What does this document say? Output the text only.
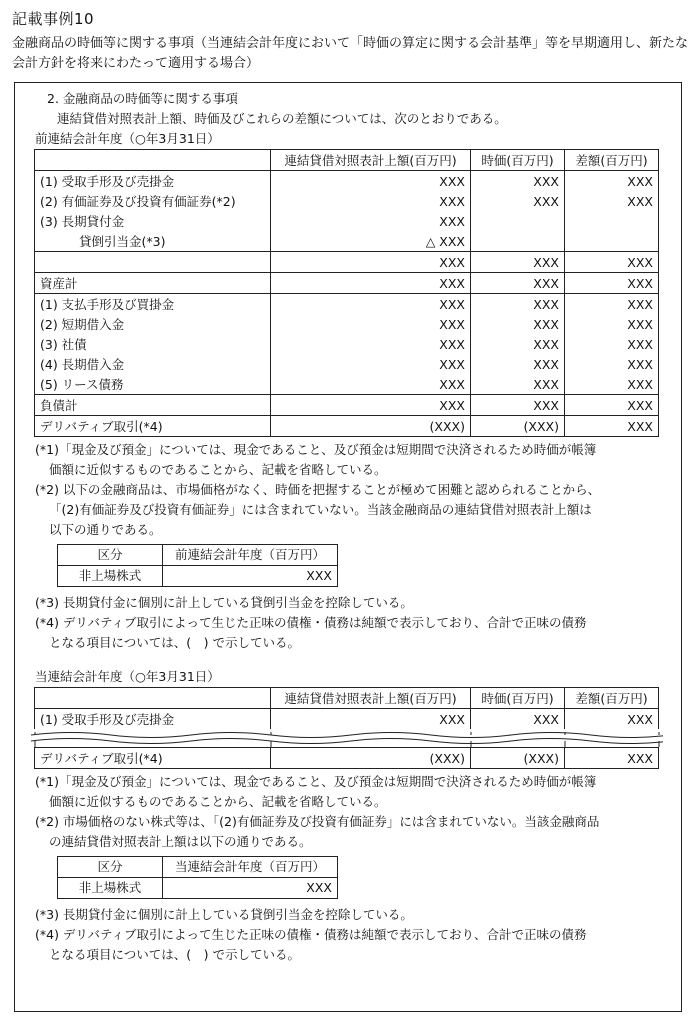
記載事例10
金融商品の時価等に関する事項（当連結会計年度において「時価の算定に関する会計基準」等を早期適用し、新たな会計方針を将来にわたって適用する場合）
2. 金融商品の時価等に関する事項
連結貸借対照表計上額、時価及びこれらの差額については、次のとおりである。
前連結会計年度（○年3月31日）
	連結貸借対照表計上額(百万円)	時価(百万円)	差額(百万円)
(1) 受取手形及び売掛金	XXX	XXX	XXX
(2) 有価証券及び投資有価証券(*2)	XXX	XXX	XXX
(3) 長期貸付金	XXX		
貸倒引当金(*3)	△ XXX		
	XXX	XXX	XXX
資産計	XXX	XXX	XXX
(1) 支払手形及び買掛金	XXX	XXX	XXX
(2) 短期借入金	XXX	XXX	XXX
(3) 社債	XXX	XXX	XXX
(4) 長期借入金	XXX	XXX	XXX
(5) リース債務	XXX	XXX	XXX
負債計	XXX	XXX	XXX
デリバティブ取引(*4)	(XXX)	(XXX)	XXX
(*1)「現金及び預金」については、現金であること、及び預金は短期間で決済されるため時価が帳簿
価額に近似するものであることから、記載を省略している。
(*2) 以下の金融商品は、市場価格がなく、時価を把握することが極めて困難と認められることから、
「(2)有価証券及び投資有価証券」には含まれていない。当該金融商品の連結貸借対照表計上額は
以下の通りである。
区分	前連結会計年度（百万円）
非上場株式	XXX
(*3) 長期貸付金に個別に計上している貸倒引当金を控除している。
(*4) デリバティブ取引によって生じた正味の債権・債務は純額で表示しており、合計で正味の債務
となる項目については、(　) で示している。
当連結会計年度（○年3月31日）
	連結貸借対照表計上額(百万円)	時価(百万円)	差額(百万円)
(1) 受取手形及び売掛金	XXX	XXX	XXX
デリバティブ取引(*4)	(XXX)	(XXX)	XXX
(*1)「現金及び預金」については、現金であること、及び預金は短期間で決済されるため時価が帳簿
価額に近似するものであることから、記載を省略している。
(*2) 市場価格のない株式等は、「(2)有価証券及び投資有価証券」には含まれていない。当該金融商品
の連結貸借対照表計上額は以下の通りである。
区分	当連結会計年度（百万円）
非上場株式	XXX
(*3) 長期貸付金に個別に計上している貸倒引当金を控除している。
(*4) デリバティブ取引によって生じた正味の債権・債務は純額で表示しており、合計で正味の債務
となる項目については、(　) で示している。
